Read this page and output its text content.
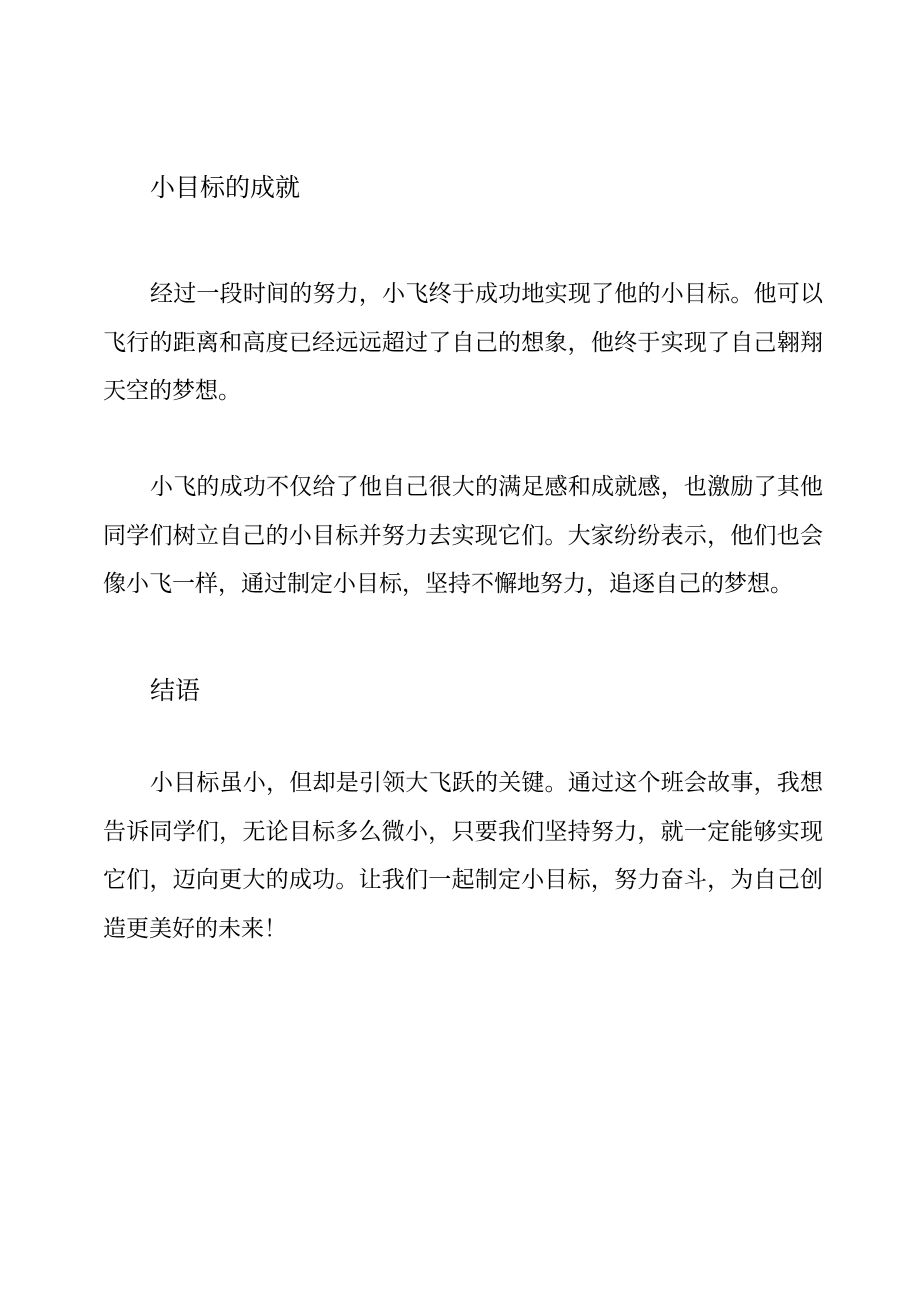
小目标的成就

经过一段时间的努力，小飞终于成功地实现了他的小目标。他可以飞行的距离和高度已经远远超过了自己的想象，他终于实现了自己翱翔天空的梦想。

小飞的成功不仅给了他自己很大的满足感和成就感，也激励了其他同学们树立自己的小目标并努力去实现它们。大家纷纷表示，他们也会像小飞一样，通过制定小目标，坚持不懈地努力，追逐自己的梦想。

结语

小目标虽小，但却是引领大飞跃的关键。通过这个班会故事，我想告诉同学们，无论目标多么微小，只要我们坚持努力，就一定能够实现它们，迈向更大的成功。让我们一起制定小目标，努力奋斗，为自己创造更美好的未来！
